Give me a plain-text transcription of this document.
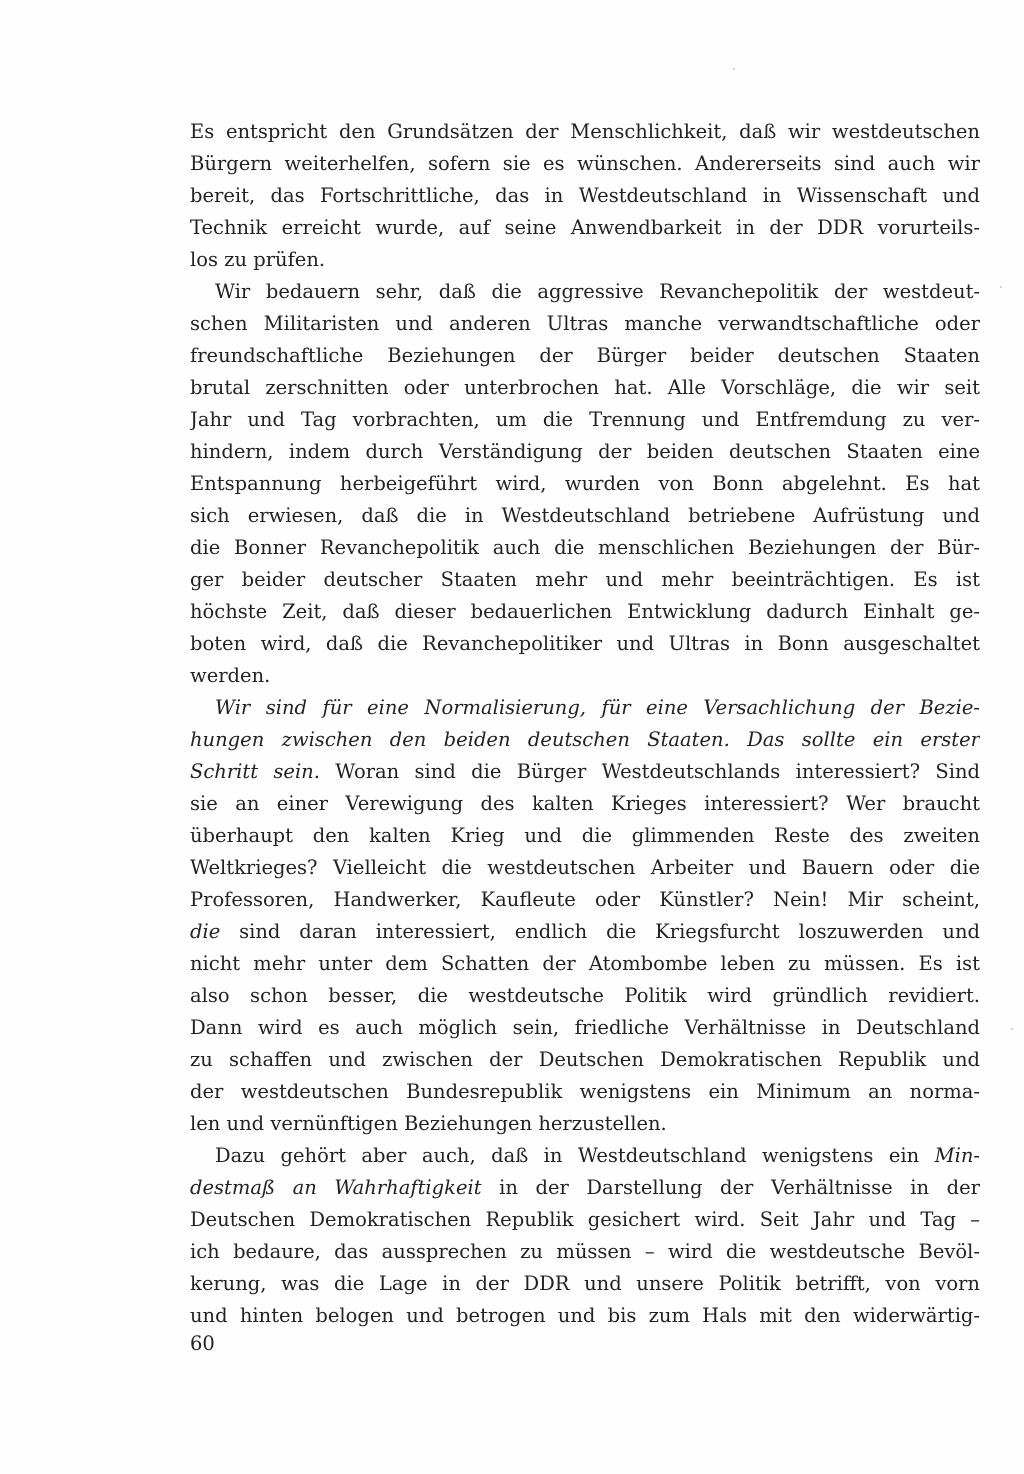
Es entspricht den Grundsätzen der Menschlichkeit, daß wir westdeutschen
Bürgern weiterhelfen, sofern sie es wünschen. Andererseits sind auch wir
bereit, das Fortschrittliche, das in Westdeutschland in Wissenschaft und
Technik erreicht wurde, auf seine Anwendbarkeit in der DDR vorurteils-
los zu prüfen.
Wir bedauern sehr, daß die aggressive Revanchepolitik der westdeut-
schen Militaristen und anderen Ultras manche verwandtschaftliche oder
freundschaftliche Beziehungen der Bürger beider deutschen Staaten
brutal zerschnitten oder unterbrochen hat. Alle Vorschläge, die wir seit
Jahr und Tag vorbrachten, um die Trennung und Entfremdung zu ver-
hindern, indem durch Verständigung der beiden deutschen Staaten eine
Entspannung herbeigeführt wird, wurden von Bonn abgelehnt. Es hat
sich erwiesen, daß die in Westdeutschland betriebene Aufrüstung und
die Bonner Revanchepolitik auch die menschlichen Beziehungen der Bür-
ger beider deutscher Staaten mehr und mehr beeinträchtigen. Es ist
höchste Zeit, daß dieser bedauerlichen Entwicklung dadurch Einhalt ge-
boten wird, daß die Revanchepolitiker und Ultras in Bonn ausgeschaltet
werden.
Wir sind für eine Normalisierung, für eine Versachlichung der Bezie-
hungen zwischen den beiden deutschen Staaten. Das sollte ein erster
Schritt sein. Woran sind die Bürger Westdeutschlands interessiert? Sind
sie an einer Verewigung des kalten Krieges interessiert? Wer braucht
überhaupt den kalten Krieg und die glimmenden Reste des zweiten
Weltkrieges? Vielleicht die westdeutschen Arbeiter und Bauern oder die
Professoren, Handwerker, Kaufleute oder Künstler? Nein! Mir scheint,
die sind daran interessiert, endlich die Kriegsfurcht loszuwerden und
nicht mehr unter dem Schatten der Atombombe leben zu müssen. Es ist
also schon besser, die westdeutsche Politik wird gründlich revidiert.
Dann wird es auch möglich sein, friedliche Verhältnisse in Deutschland
zu schaffen und zwischen der Deutschen Demokratischen Republik und
der westdeutschen Bundesrepublik wenigstens ein Minimum an norma-
len und vernünftigen Beziehungen herzustellen.
Dazu gehört aber auch, daß in Westdeutschland wenigstens ein Min-
destmaß an Wahrhaftigkeit in der Darstellung der Verhältnisse in der
Deutschen Demokratischen Republik gesichert wird. Seit Jahr und Tag –
ich bedaure, das aussprechen zu müssen – wird die westdeutsche Bevöl-
kerung, was die Lage in der DDR und unsere Politik betrifft, von vorn
und hinten belogen und betrogen und bis zum Hals mit den widerwärtig-
60
